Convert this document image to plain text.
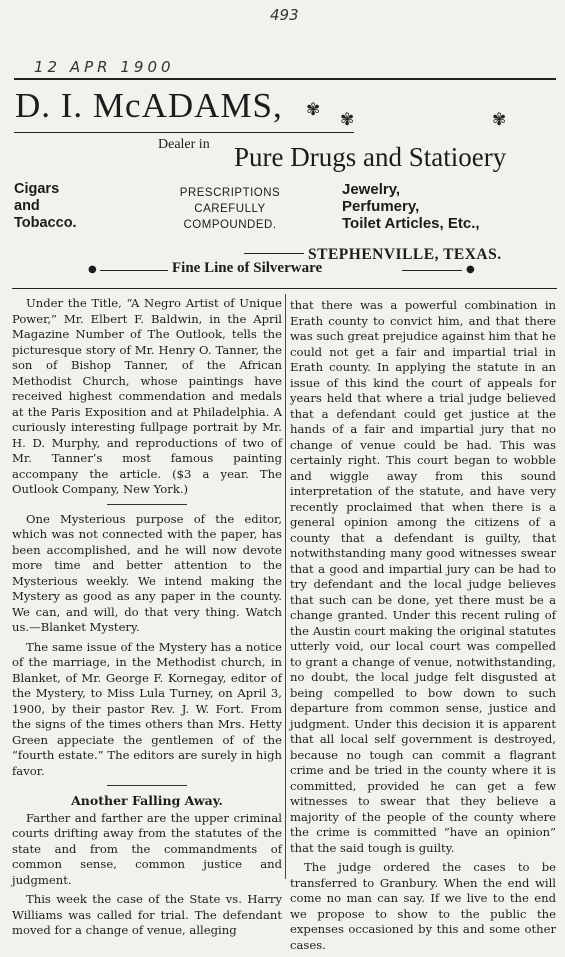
493
12 APR 1900
D. I. McADAMS, ✾ ✾	✾
Dealer in Pure Drugs and Statioery
Cigars
and
Tobacco.
PRESCRIPTIONS
CAREFULLY
COMPOUNDED.
Jewelry,
Perfumery,
Toilet Articles, Etc.,
STEPHENVILLE, TEXAS.
●	Fine Line of Silverware	●

Under the Title, “A Negro Artist of Unique Power,” Mr. Elbert F. Baldwin, in the April Magazine Number of The Outlook, tells the picturesque story of Mr. Henry O. Tanner, the son of Bishop Tanner, of the African Methodist Church, whose paintings have received highest commendation and medals at the Paris Exposition and at Philadelphia. A curiously interesting fullpage portrait by Mr. H. D. Murphy, and reproductions of two of Mr. Tanner’s most famous painting accompany the article. ($3 a year. The Outlook Company, New York.)

One Mysterious purpose of the editor, which was not connected with the paper, has been accomplished, and he will now devote more time and better attention to the Mysterious weekly. We intend making the Mystery as good as any paper in the county. We can, and will, do that very thing. Watch us.—Blanket Mystery.

The same issue of the Mystery has a notice of the marriage, in the Methodist church, in Blanket, of Mr. George F. Kornegay, editor of the Mystery, to Miss Lula Turney, on April 3, 1900, by their pastor Rev. J. W. Fort. From the signs of the times others than Mrs. Hetty Green appeciate the gentlemen of of the “fourth estate.” The editors are surely in high favor.

Another Falling Away.

Farther and farther are the upper criminal courts drifting away from the statutes of the state and from the commandments of common sense, common justice and judgment.

This week the case of the State vs. Harry Williams was called for trial. The defendant moved for a change of venue, alleging

that there was a powerful combination in Erath county to convict him, and that there was such great prejudice against him that he could not get a fair and impartial trial in Erath county. In applying the statute in an issue of this kind the court of appeals for years held that where a trial judge believed that a defendant could get justice at the hands of a fair and impartial jury that no change of venue could be had. This was certainly right. This court began to wobble and wiggle away from this sound interpretation of the statute, and have very recently proclaimed that when there is a general opinion among the citizens of a county that a defendant is guilty, that notwithstanding many good witnesses swear that a good and impartial jury can be had to try defendant and the local judge believes that such can be done, yet there must be a change granted. Under this recent ruling of the Austin court making the original statutes utterly void, our local court was compelled to grant a change of venue, notwithstanding, no doubt, the local judge felt disgusted at being compelled to bow down to such departure from common sense, justice and judgment. Under this decision it is apparent that all local self government is destroyed, because no tough can commit a flagrant crime and be tried in the county where it is committed, provided he can get a few witnesses to swear that they believe a majority of the people of the county where the crime is committed “have an opinion” that the said tough is guilty.

The judge ordered the cases to be transferred to Granbury. When the end will come no man can say. If we live to the end we propose to show to the public the expenses occasioned by this and some other cases.
